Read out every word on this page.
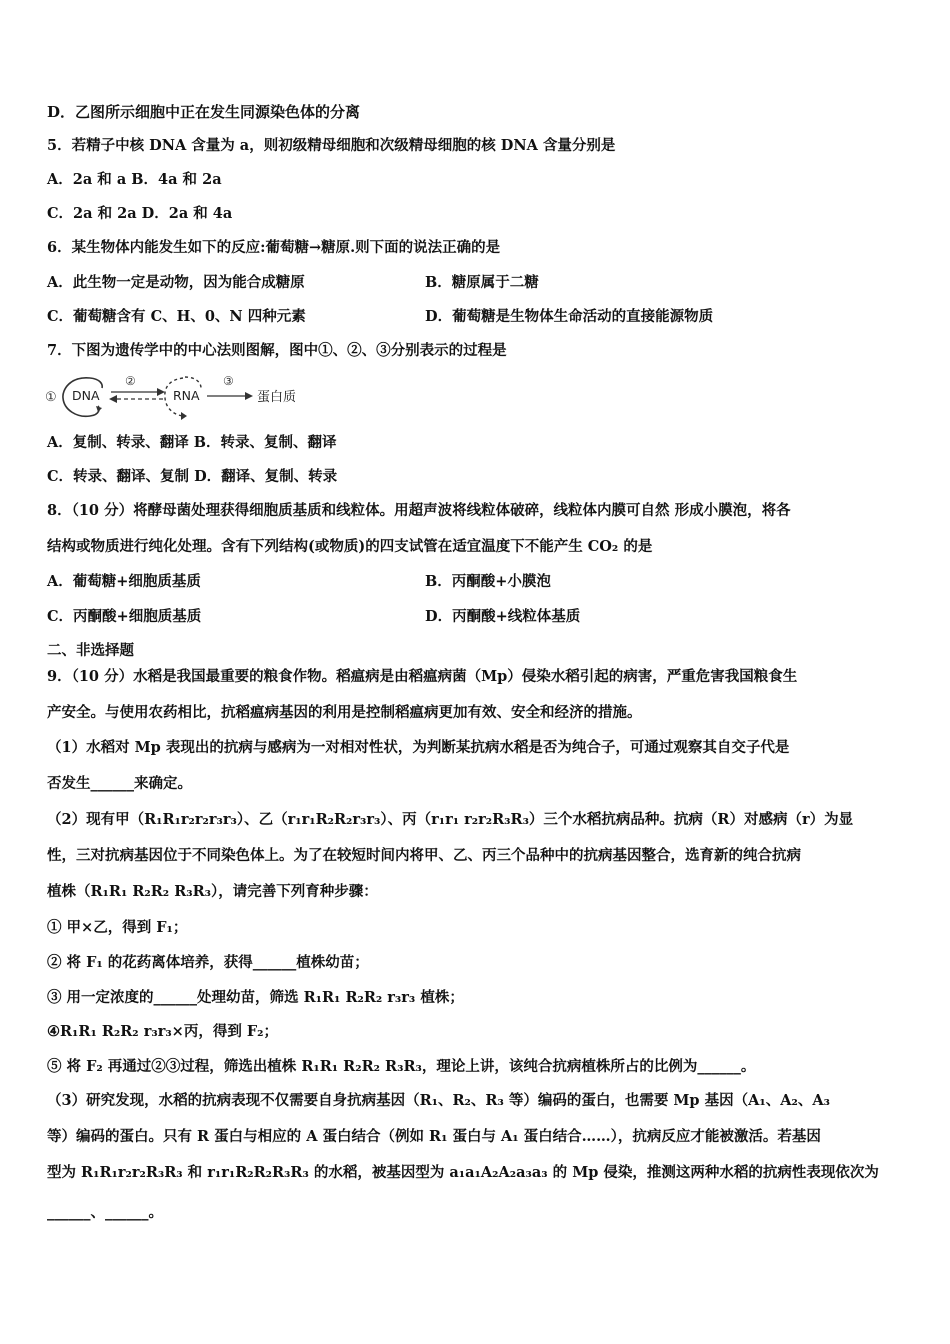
D．乙图所示细胞中正在发生同源染色体的分离
5．若精子中核 DNA 含量为 a，则初级精母细胞和次级精母细胞的核 DNA 含量分别是
A．2a 和 a B．4a 和 2a
C．2a 和 2a D．2a 和 4a
6．某生物体内能发生如下的反应:葡萄糖→糖原.则下面的说法正确的是
A．此生物一定是动物，因为能合成糖原	B．糖原属于二糖
C．葡萄糖含有 C、H、0、N 四种元素	D．葡萄糖是生物体生命活动的直接能源物质
7．下图为遗传学中的中心法则图解，图中①、②、③分别表示的过程是
① DNA
②
RNA
③
蛋白质
A．复制、转录、翻译 B．转录、复制、翻译
C．转录、翻译、复制 D．翻译、复制、转录
8．（10 分）将酵母菌处理获得细胞质基质和线粒体。用超声波将线粒体破碎，线粒体内膜可自然 形成小膜泡，将各
结构或物质进行纯化处理。含有下列结构(或物质)的四支试管在适宜温度下不能产生 CO₂ 的是
A．葡萄糖+细胞质基质	B．丙酮酸+小膜泡
C．丙酮酸+细胞质基质	D．丙酮酸+线粒体基质
二、非选择题
9．（10 分）水稻是我国最重要的粮食作物。稻瘟病是由稻瘟病菌（Mp）侵染水稻引起的病害，严重危害我国粮食生
产安全。与使用农药相比，抗稻瘟病基因的利用是控制稻瘟病更加有效、安全和经济的措施。
（1）水稻对 Mp 表现出的抗病与感病为一对相对性状，为判断某抗病水稻是否为纯合子，可通过观察其自交子代是
否发生______来确定。
（2）现有甲（R₁R₁r₂r₂r₃r₃）、乙（r₁r₁R₂R₂r₃r₃）、丙（r₁r₁ r₂r₂R₃R₃）三个水稻抗病品种。抗病（R）对感病（r）为显
性，三对抗病基因位于不同染色体上。为了在较短时间内将甲、乙、丙三个品种中的抗病基因整合，选育新的纯合抗病
植株（R₁R₁ R₂R₂ R₃R₃），请完善下列育种步骤：
① 甲×乙，得到 F₁；
② 将 F₁ 的花药离体培养，获得______植株幼苗；
③ 用一定浓度的______处理幼苗，筛选 R₁R₁ R₂R₂ r₃r₃ 植株；
④R₁R₁ R₂R₂ r₃r₃×丙，得到 F₂；
⑤ 将 F₂ 再通过②③过程，筛选出植株 R₁R₁ R₂R₂ R₃R₃，理论上讲，该纯合抗病植株所占的比例为______。
（3）研究发现，水稻的抗病表现不仅需要自身抗病基因（R₁、R₂、R₃ 等）编码的蛋白，也需要 Mp 基因（A₁、A₂、A₃
等）编码的蛋白。只有 R 蛋白与相应的 A 蛋白结合（例如 R₁ 蛋白与 A₁ 蛋白结合……），抗病反应才能被激活。若基因
型为 R₁R₁r₂r₂R₃R₃ 和 r₁r₁R₂R₂R₃R₃ 的水稻，被基因型为 a₁a₁A₂A₂a₃a₃ 的 Mp 侵染，推测这两种水稻的抗病性表现依次为
______、______。
